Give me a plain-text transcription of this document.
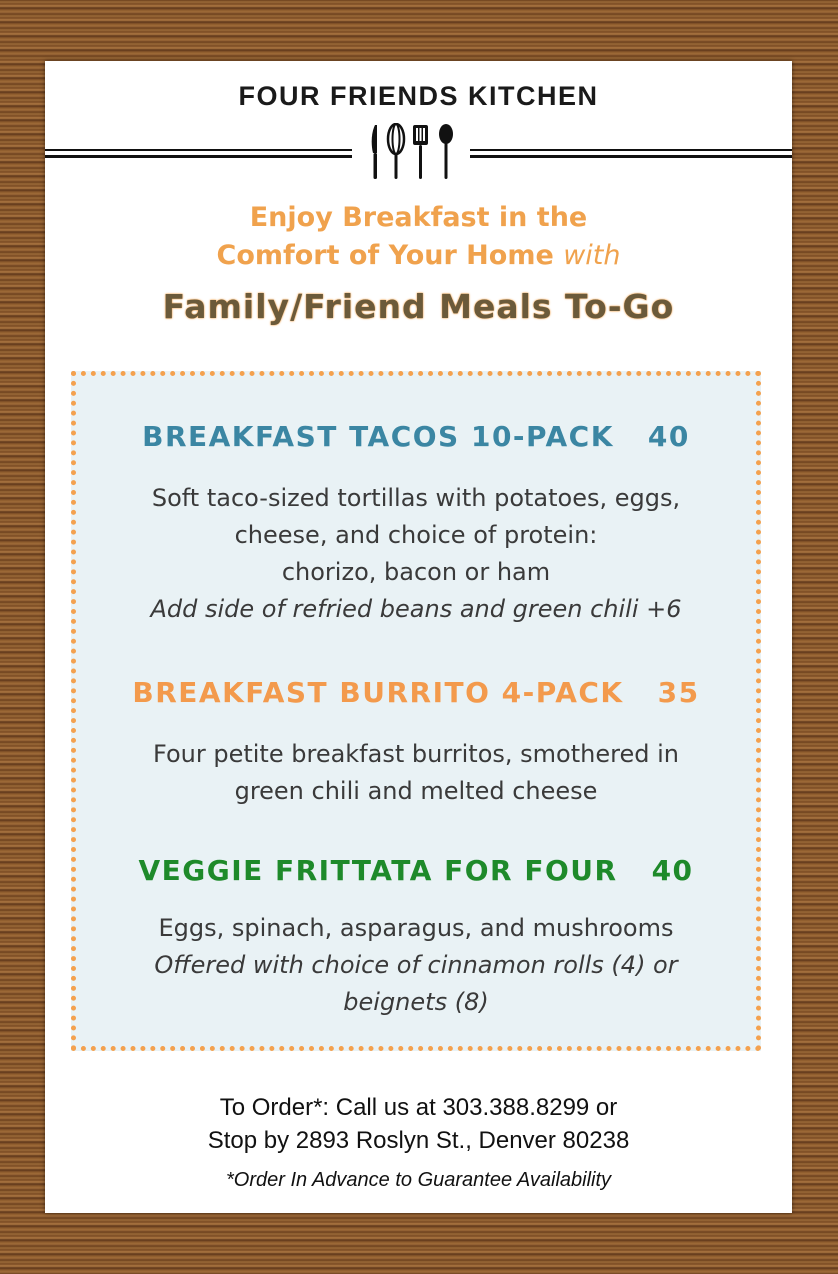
FOUR FRIENDS KITCHEN
Enjoy Breakfast in the
Comfort of Your Home with
Family/Friend Meals To-Go
BREAKFAST TACOS 10-PACK 40
Soft taco-sized tortillas with potatoes, eggs,
cheese, and choice of protein:
chorizo, bacon or ham
Add side of refried beans and green chili +6
BREAKFAST BURRITO 4-PACK 35
Four petite breakfast burritos, smothered in
green chili and melted cheese
VEGGIE FRITTATA FOR FOUR 40
Eggs, spinach, asparagus, and mushrooms
Offered with choice of cinnamon rolls (4) or beignets (8)
To Order*: Call us at 303.388.8299 or
Stop by 2893 Roslyn St., Denver 80238
*Order In Advance to Guarantee Availability
